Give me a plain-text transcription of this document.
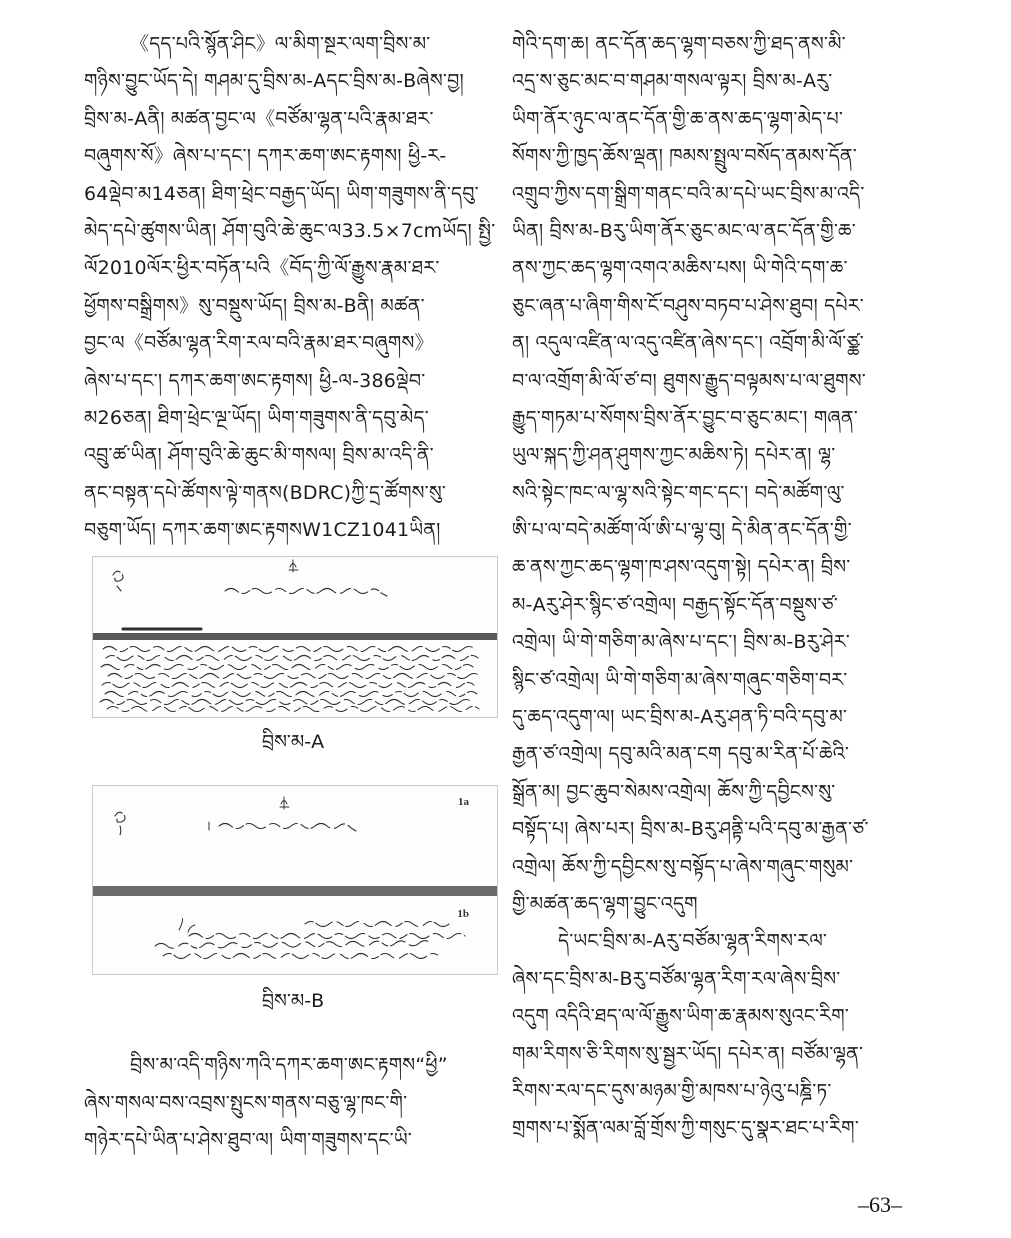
《དད་པའི་སྙོན་ཤིང》ལ་མིག་སྔར་ལག་བྲིས་མ་
གཉིས་བྱུང་ཡོད་དེ། གཤམ་དུ་བྲིས་མ-Aདང་བྲིས་མ-Bཞེས་བྱ།
བྲིས་མ-Aནི། མཚན་བྱང་ལ《བཙོམ་ལྷན་པའི་རྣམ་ཐར་
བཞུགས་སོ》ཞེས་པ་དང་། དཀར་ཆག་ཨང་རྟགས། ཕྱི-ར-
64ལྡེབ་མ14ཅན། ཐིག་ཕྲེང་བརྒྱད་ཡོད། ཡིག་གཟུགས་ནི་དབུ་
མེད་དཔེ་ཚུགས་ཡིན། ཤོག་བུའི་ཆེ་ཆུང་ལ33.5×7cmཡོད། སྤྱི་
ལོ2010ལོར་ཕྱིར་བཏོན་པའི《བོད་ཀྱི་ལོ་རྒྱུས་རྣམ་ཐར་
ཕྱོགས་བསྒྲིགས》སུ་བསྡུས་ཡོད། བྲིས་མ-Bནི། མཚན་
བྱང་ལ《བཙོམ་ལྷན་རིག་རལ་བའི་རྣམ་ཐར་བཞུགས》
ཞེས་པ་དང་། དཀར་ཆག་ཨང་རྟགས། ཕྱི-ལ-386ལྡེབ་
མ26ཅན། ཐིག་ཕྲེང་ལྔ་ཡོད། ཡིག་གཟུགས་ནི་དབུ་མེད་
འབྲུ་ཚ་ཡིན། ཤོག་བུའི་ཆེ་ཆུང་མི་གསལ། བྲིས་མ་འདི་ནི་
ནང་བསྟན་དཔེ་ཚོགས་ལྟེ་གནས(BDRC)ཀྱི་དྲ་ཚོགས་སུ་
བཅུག་ཡོད། དཀར་ཆག་ཨང་རྟགསW1CZ1041ཡིན།
བྲིས་མ-A
1a
1b
བྲིས་མ-B
བྲིས་མ་འདི་གཉིས་ཀའི་དཀར་ཆག་ཨང་རྟགས“ཕྱི”
ཞེས་གསལ་བས་འབྲས་སྤུངས་གནས་བཅུ་ལྷ་ཁང་གི་
གཉེར་དཔེ་ཡིན་པ་ཤེས་ཐུབ་ལ། ཡིག་གཟུགས་དང་ཡི་
གེའི་དག་ཆ། ནང་དོན་ཆད་ལྷག་བཅས་ཀྱི་ཐད་ནས་མི་
འདྲ་ས་ཅུང་མང་བ་གཤམ་གསལ་ལྟར། བྲིས་མ-Aརུ་
ཡིག་ནོར་ཉུང་ལ་ནང་དོན་གྱི་ཆ་ནས་ཆད་ལྷག་མེད་པ་
སོགས་ཀྱི་ཁྱད་ཆོས་ལྡན། ཁམས་སྤྲུལ་བསོད་ནམས་དོན་
འགྲུབ་ཀྱིས་དག་སྒྲིག་གནང་བའི་མ་དཔེ་ཡང་བྲིས་མ་འདི་
ཡིན། བྲིས་མ-Bརུ་ཡིག་ནོར་ཅུང་མང་ལ་ནང་དོན་གྱི་ཆ་
ནས་ཀྱང་ཆད་ལྷག་འགའ་མཆིས་པས། ཡི་གེའི་དག་ཆ་
ཅུང་ཞན་པ་ཞིག་གིས་ངོ་བཤུས་བཏབ་པ་ཤེས་ཐུབ། དཔེར་
ན། འདུལ་འཛིན་ལ་འདུ་འཛིན་ཞེས་དང་། འབྲོག་མི་ལོ་ཙྪ་
བ་ལ་འགྲོག་མི་ལོ་ཙ་བ། ཐུགས་རྒྱུད་བལྟམས་པ་ལ་ཐུགས་
རྒྱུད་གཏམ་པ་སོགས་བྲིས་ནོར་བྱུང་བ་ཅུང་མང་། གཞན་
ཡུལ་སྐད་ཀྱི་ཤན་ཤུགས་ཀྱང་མཆིས་ཏེ། དཔེར་ན། ལྷ་
སའི་སྟེང་ཁང་ལ་ལྷ་སའི་སྟེང་གང་དང་། བདེ་མཚོག་ལུ་
ཨི་པ་ལ་བདེ་མཚོག་ལོ་ཨི་པ་ལྷ་བུ། དེ་མིན་ནང་དོན་གྱི་
ཆ་ནས་ཀྱང་ཆད་ལྷག་ཁ་ཤས་འདུག་སྟེ། དཔེར་ན། བྲིས་
མ-Aརུ་ཤེར་སྙིང་ཙ་འགྲེལ། བརྒྱད་སྟོང་དོན་བསྡུས་ཙ་
འགྲེལ། ཡི་གེ་གཅིག་མ་ཞེས་པ་དང་། བྲིས་མ-Bརུ་ཤེར་
སྙིང་ཙ་འགྲེལ། ཡི་གེ་གཅིག་མ་ཞེས་གཞུང་གཅིག་བར་
དུ་ཆད་འདུག་ལ། ཡང་བྲིས་མ-Aརུ་ཤན་ཏི་བའི་དབུ་མ་
རྒྱན་ཙ་འགྲེལ། དབུ་མའི་མན་ངག དབུ་མ་རིན་པོ་ཆེའི་
སྒྲོན་མ། བྱང་ཆུབ་སེམས་འགྲེལ། ཆོས་ཀྱི་དབྱིངས་སུ་
བསྟོད་པ། ཞེས་པར། བྲིས་མ-Bརུ་ཤནྟི་པའི་དབུ་མ་རྒྱན་ཙ་
འགྲེལ། ཆོས་ཀྱི་དབྱིངས་སུ་བསྟོད་པ་ཞེས་གཞུང་གསུམ་
གྱི་མཚན་ཆད་ལྷག་བྱུང་འདུག
དེ་ཡང་བྲིས་མ-Aརུ་བཙོམ་ལྷན་རིགས་རལ་
ཞེས་དང་བྲིས་མ-Bརུ་བཙོམ་ལྷན་རིག་རལ་ཞེས་བྲིས་
འདུག འདིའི་ཐད་ལ་ལོ་རྒྱུས་ཡིག་ཆ་རྣམས་སུའང་རིག་
གམ་རིགས་ཅི་རིགས་སུ་སྦྱར་ཡོད། དཔེར་ན། བཙོམ་ལྷན་
རིགས་རལ་དང་དུས་མཉམ་གྱི་མཁས་པ་ཉེའུ་པཎྜི་ཏ་
གྲགས་པ་སྨོན་ལམ་བློ་གྲོས་ཀྱི་གསུང་དུ་སྣར་ཐང་པ་རིག་
–63–
